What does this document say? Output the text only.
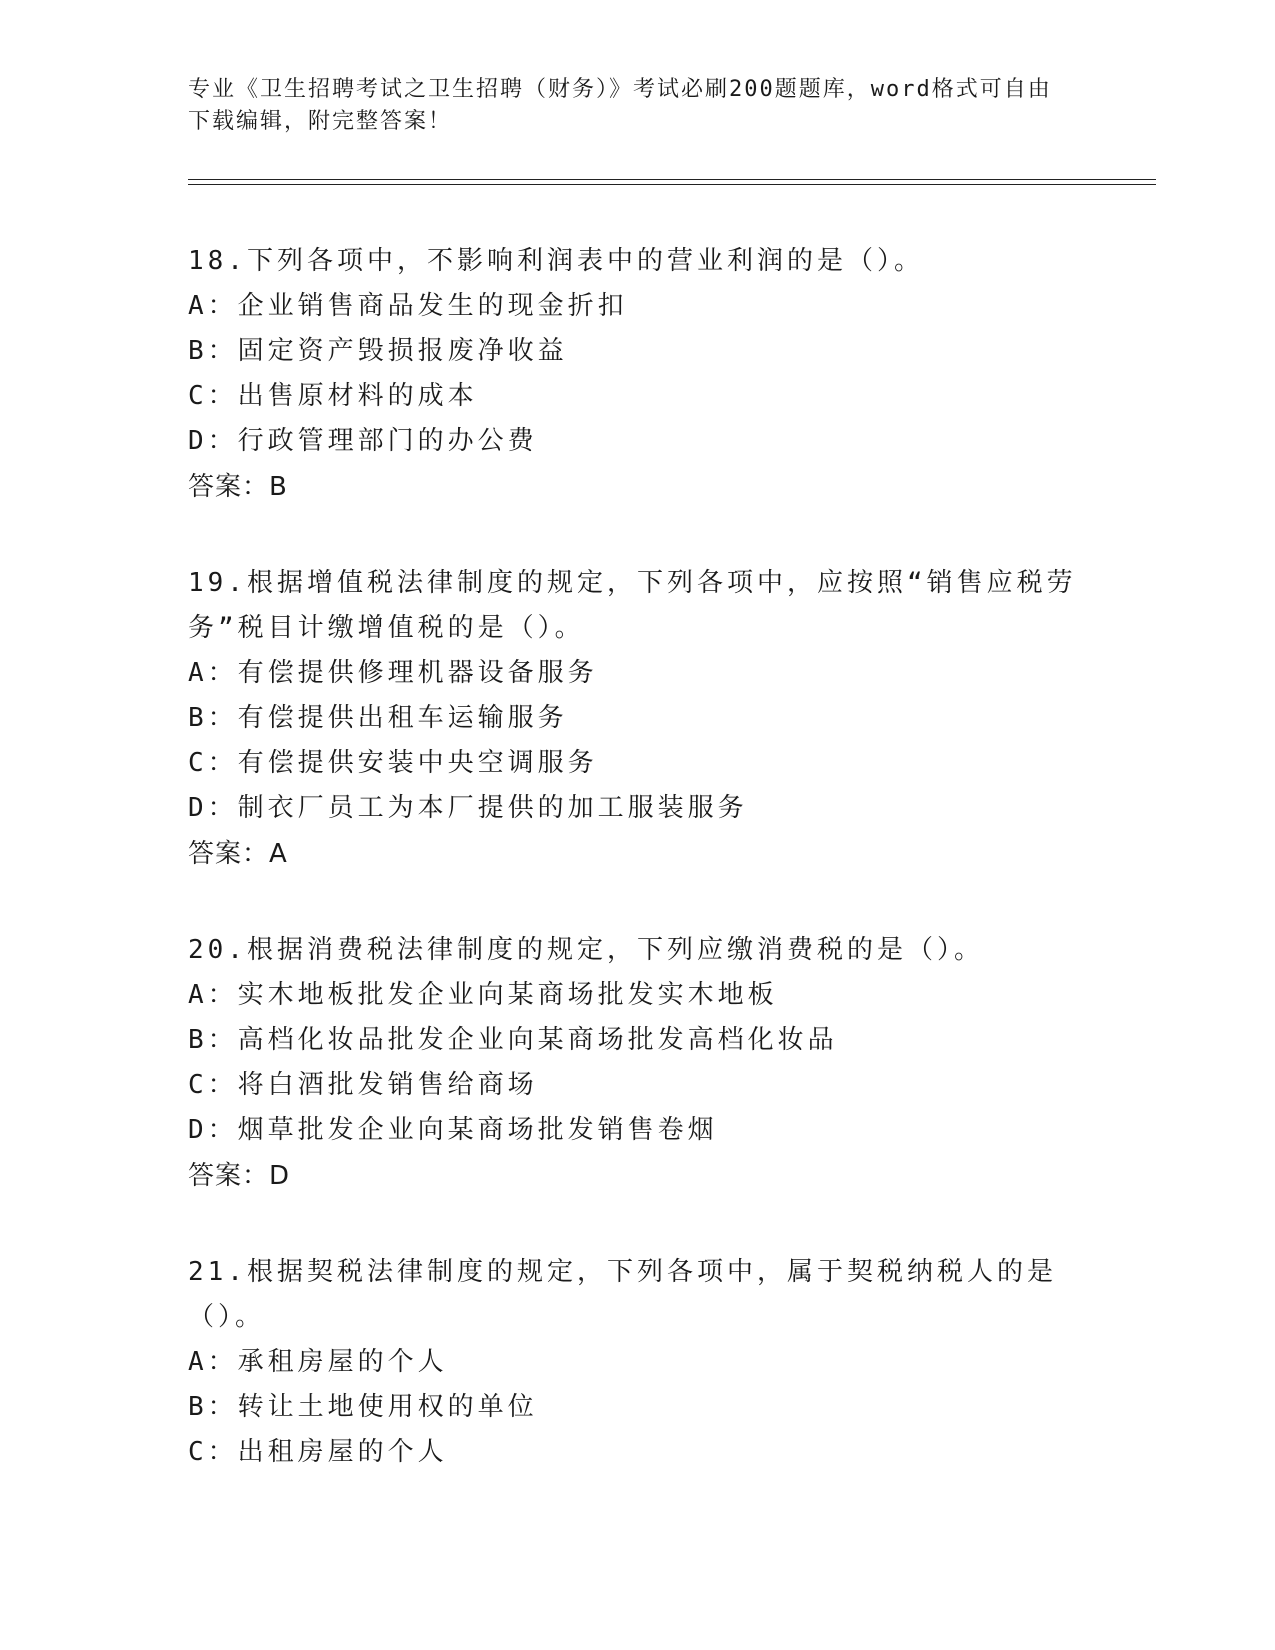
专业《卫生招聘考试之卫生招聘（财务）》考试必刷200题题库，word格式可自由下载编辑，附完整答案！
18.下列各项中，不影响利润表中的营业利润的是（）。
A：企业销售商品发生的现金折扣
B：固定资产毁损报废净收益
C：出售原材料的成本
D：行政管理部门的办公费
答案：B
19.根据增值税法律制度的规定，下列各项中，应按照“销售应税劳务”税目计缴增值税的是（）。
A：有偿提供修理机器设备服务
B：有偿提供出租车运输服务
C：有偿提供安装中央空调服务
D：制衣厂员工为本厂提供的加工服装服务
答案：A
20.根据消费税法律制度的规定，下列应缴消费税的是（）。
A：实木地板批发企业向某商场批发实木地板
B：高档化妆品批发企业向某商场批发高档化妆品
C：将白酒批发销售给商场
D：烟草批发企业向某商场批发销售卷烟
答案：D
21.根据契税法律制度的规定，下列各项中，属于契税纳税人的是（）。
A：承租房屋的个人
B：转让土地使用权的单位
C：出租房屋的个人
